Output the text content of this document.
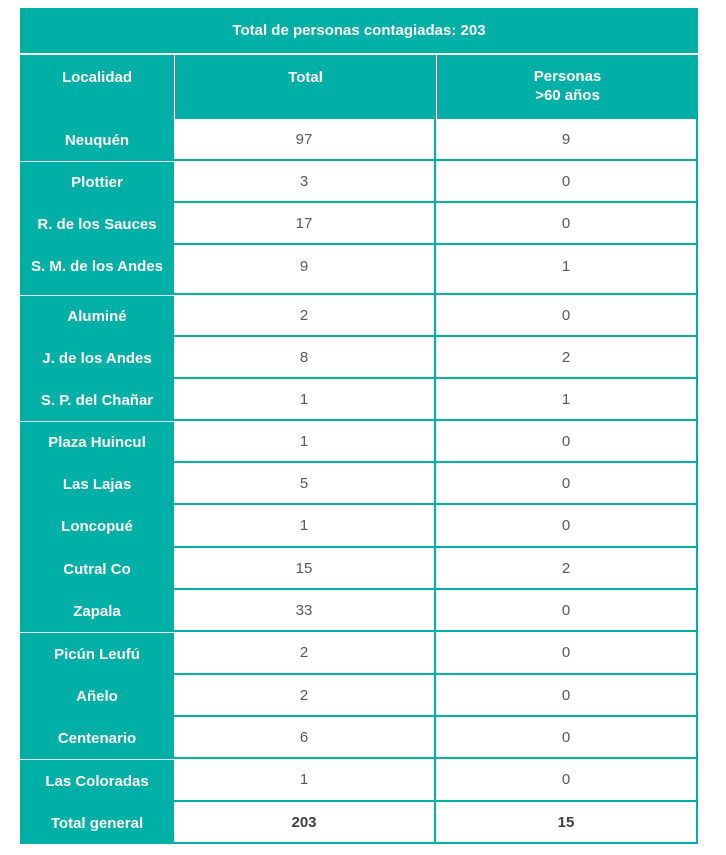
Total de personas contagiadas: 203
Localidad	Total	Personas
>60 años
Neuquén	97	9
Plottier	3	0
R. de los Sauces	17	0
S. M. de los Andes	9	1
Aluminé	2	0
J. de los Andes	8	2
S. P. del Chañar	1	1
Plaza Huincul	1	0
Las Lajas	5	0
Loncopué	1	0
Cutral Co	15	2
Zapala	33	0
Picún Leufú	2	0
Añelo	2	0
Centenario	6	0
Las Coloradas	1	0
Total general	203	15
